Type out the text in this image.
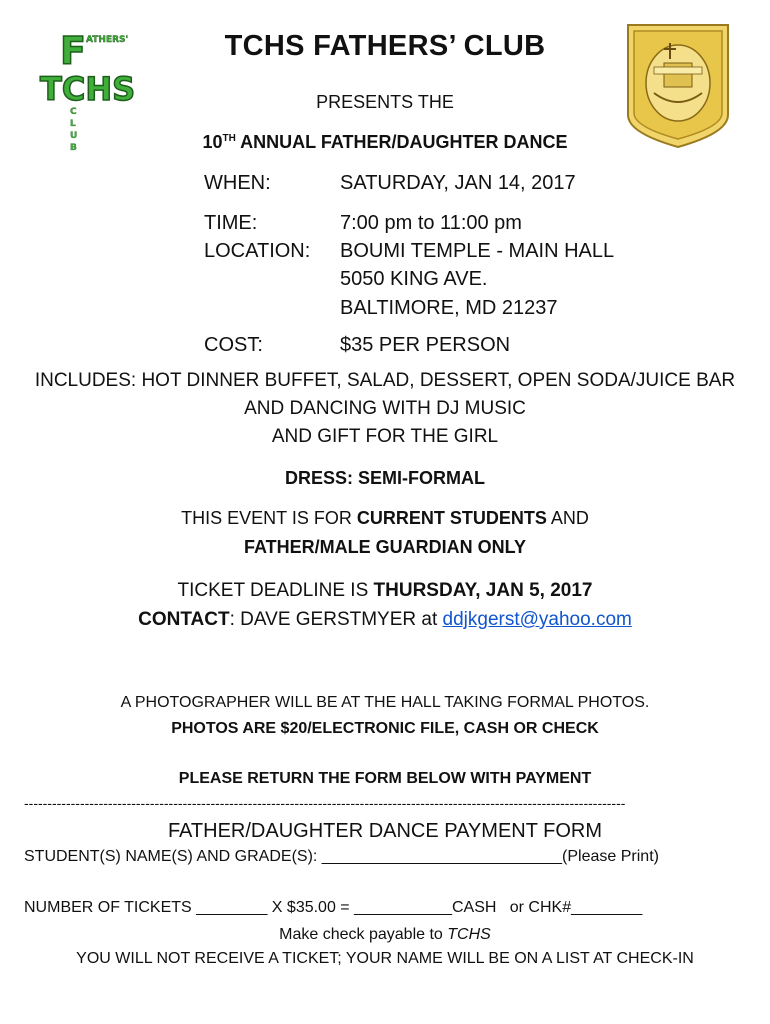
F ATHERS'
TCHS
C
L
U
B
TCHS FATHERS’ CLUB
PRESENTS THE
10TH ANNUAL FATHER/DAUGHTER DANCE
WHEN:	SATURDAY, JAN 14, 2017
TIME:	7:00 pm to 11:00 pm
LOCATION: BOUMI TEMPLE - MAIN HALL
5050 KING AVE.
BALTIMORE, MD 21237
COST:	$35 PER PERSON
INCLUDES: HOT DINNER BUFFET, SALAD, DESSERT, OPEN SODA/JUICE BAR
AND DANCING WITH DJ MUSIC
AND GIFT FOR THE GIRL
DRESS: SEMI-FORMAL
THIS EVENT IS FOR CURRENT STUDENTS AND
FATHER/MALE GUARDIAN ONLY
TICKET DEADLINE IS THURSDAY, JAN 5, 2017
CONTACT: DAVE GERSTMYER at ddjkgerst@yahoo.com
A PHOTOGRAPHER WILL BE AT THE HALL TAKING FORMAL PHOTOS.
PHOTOS ARE $20/ELECTRONIC FILE, CASH OR CHECK
PLEASE RETURN THE FORM BELOW WITH PAYMENT
---------------------------------------------------------------------------------------------------------------------------------
FATHER/DAUGHTER DANCE PAYMENT FORM
STUDENT(S) NAME(S) AND GRADE(S): ___________________________(Please Print)
NUMBER OF TICKETS ________ X $35.00 = ___________CASH   or CHK#________
Make check payable to TCHS
YOU WILL NOT RECEIVE A TICKET; YOUR NAME WILL BE ON A LIST AT CHECK-IN
